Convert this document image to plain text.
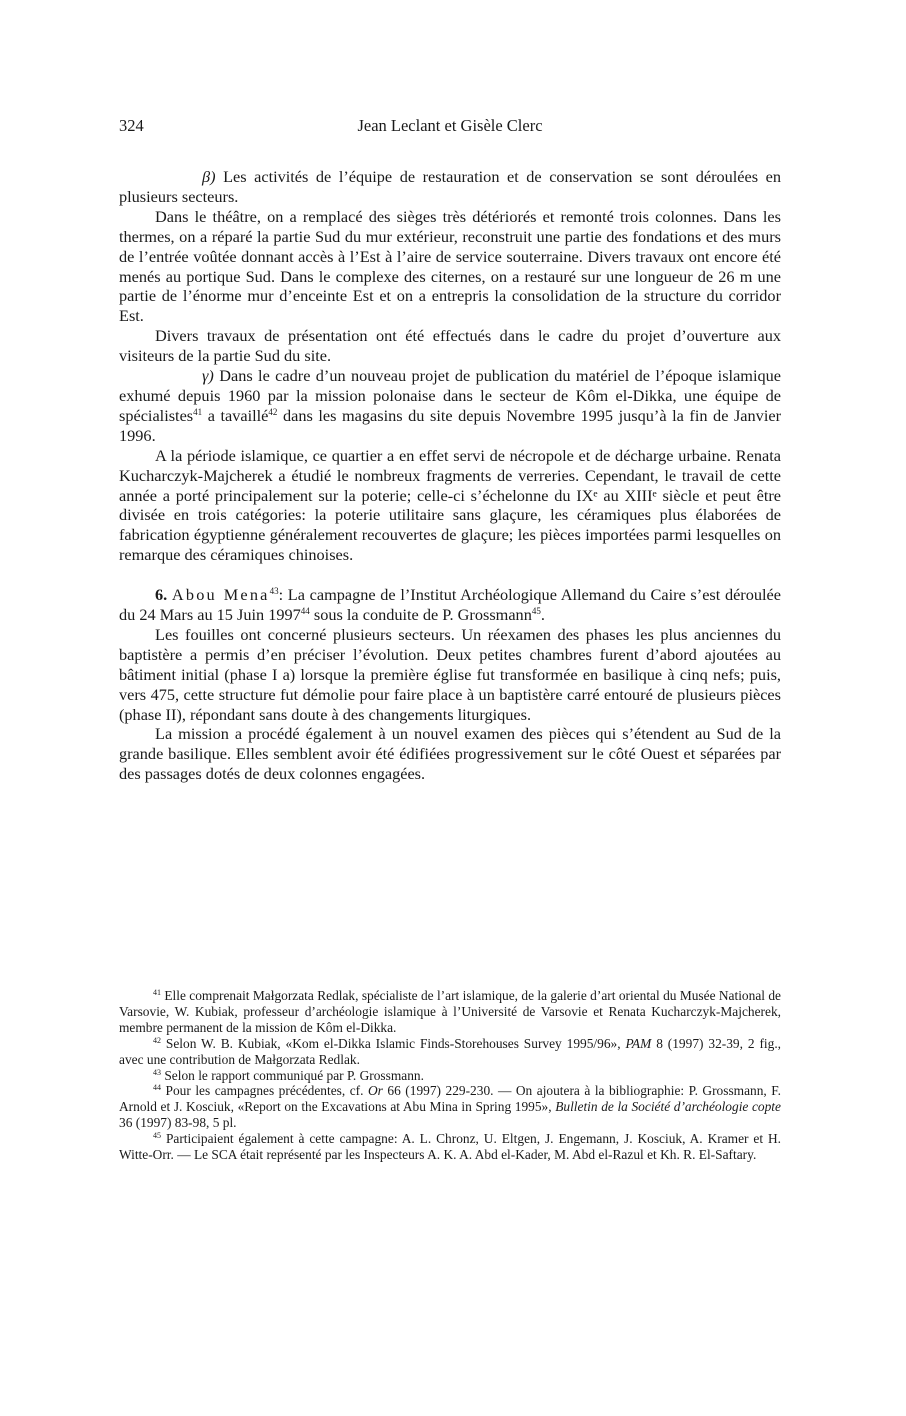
324	Jean Leclant et Gisèle Clerc

β) Les activités de l’équipe de restauration et de conservation se sont déroulées en plusieurs secteurs.

Dans le théâtre, on a remplacé des sièges très détériorés et remonté trois colonnes. Dans les thermes, on a réparé la partie Sud du mur extérieur, reconstruit une partie des fondations et des murs de l’entrée voûtée donnant accès à l’Est à l’aire de service souterraine. Divers travaux ont encore été menés au portique Sud. Dans le complexe des citernes, on a restauré sur une longueur de 26 m une partie de l’énorme mur d’enceinte Est et on a entrepris la consolidation de la structure du corridor Est.

Divers travaux de présentation ont été effectués dans le cadre du projet d’ouverture aux visiteurs de la partie Sud du site.

γ) Dans le cadre d’un nouveau projet de publication du matériel de l’époque islamique exhumé depuis 1960 par la mission polonaise dans le secteur de Kôm el-Dikka, une équipe de spécialistes$^{41}$ a tavaillé$^{42}$ dans les magasins du site depuis Novembre 1995 jusqu’à la fin de Janvier 1996.

A la période islamique, ce quartier a en effet servi de nécropole et de décharge urbaine. Renata Kucharczyk-Majcherek a étudié le nombreux fragments de verreries. Cependant, le travail de cette année a porté principalement sur la poterie; celle-ci s’échelonne du IXᵉ au XIIIᵉ siècle et peut être divisée en trois catégories: la poterie utilitaire sans glaçure, les céramiques plus élaborées de fabrication égyptienne généralement recouvertes de glaçure; les pièces importées parmi lesquelles on remarque des céramiques chinoises.

6. Abou Mena$^{43}$: La campagne de l’Institut Archéologique Allemand du Caire s’est déroulée du 24 Mars au 15 Juin 1997$^{44}$ sous la conduite de P. Grossmann$^{45}$.

Les fouilles ont concerné plusieurs secteurs. Un réexamen des phases les plus anciennes du baptistère a permis d’en préciser l’évolution. Deux petites chambres furent d’abord ajoutées au bâtiment initial (phase I a) lorsque la première église fut transformée en basilique à cinq nefs; puis, vers 475, cette structure fut démolie pour faire place à un baptistère carré entouré de plusieurs pièces (phase II), répondant sans doute à des changements liturgiques.

La mission a procédé également à un nouvel examen des pièces qui s’étendent au Sud de la grande basilique. Elles semblent avoir été édifiées progressivement sur le côté Ouest et séparées par des passages dotés de deux colonnes engagées.

$^{41}$ Elle comprenait Małgorzata Redlak, spécialiste de l’art islamique, de la galerie d’art oriental du Musée National de Varsovie, W. Kubiak, professeur d’archéologie islamique à l’Université de Varsovie et Renata Kucharczyk-Majcherek, membre permanent de la mission de Kôm el-Dikka.

$^{42}$ Selon W. B. Kubiak, «Kom el-Dikka Islamic Finds-Storehouses Survey 1995/96», PAM 8 (1997) 32-39, 2 fig., avec une contribution de Małgorzata Redlak.

$^{43}$ Selon le rapport communiqué par P. Grossmann.

$^{44}$ Pour les campagnes précédentes, cf. Or 66 (1997) 229-230. — On ajoutera à la bibliographie: P. Grossmann, F. Arnold et J. Kosciuk, «Report on the Excavations at Abu Mina in Spring 1995», Bulletin de la Société d’archéologie copte 36 (1997) 83-98, 5 pl.

$^{45}$ Participaient également à cette campagne: A. L. Chronz, U. Eltgen, J. Engemann, J. Kosciuk, A. Kramer et H. Witte-Orr. — Le SCA était représenté par les Inspecteurs A. K. A. Abd el-Kader, M. Abd el-Razul et Kh. R. El-Saftary.
